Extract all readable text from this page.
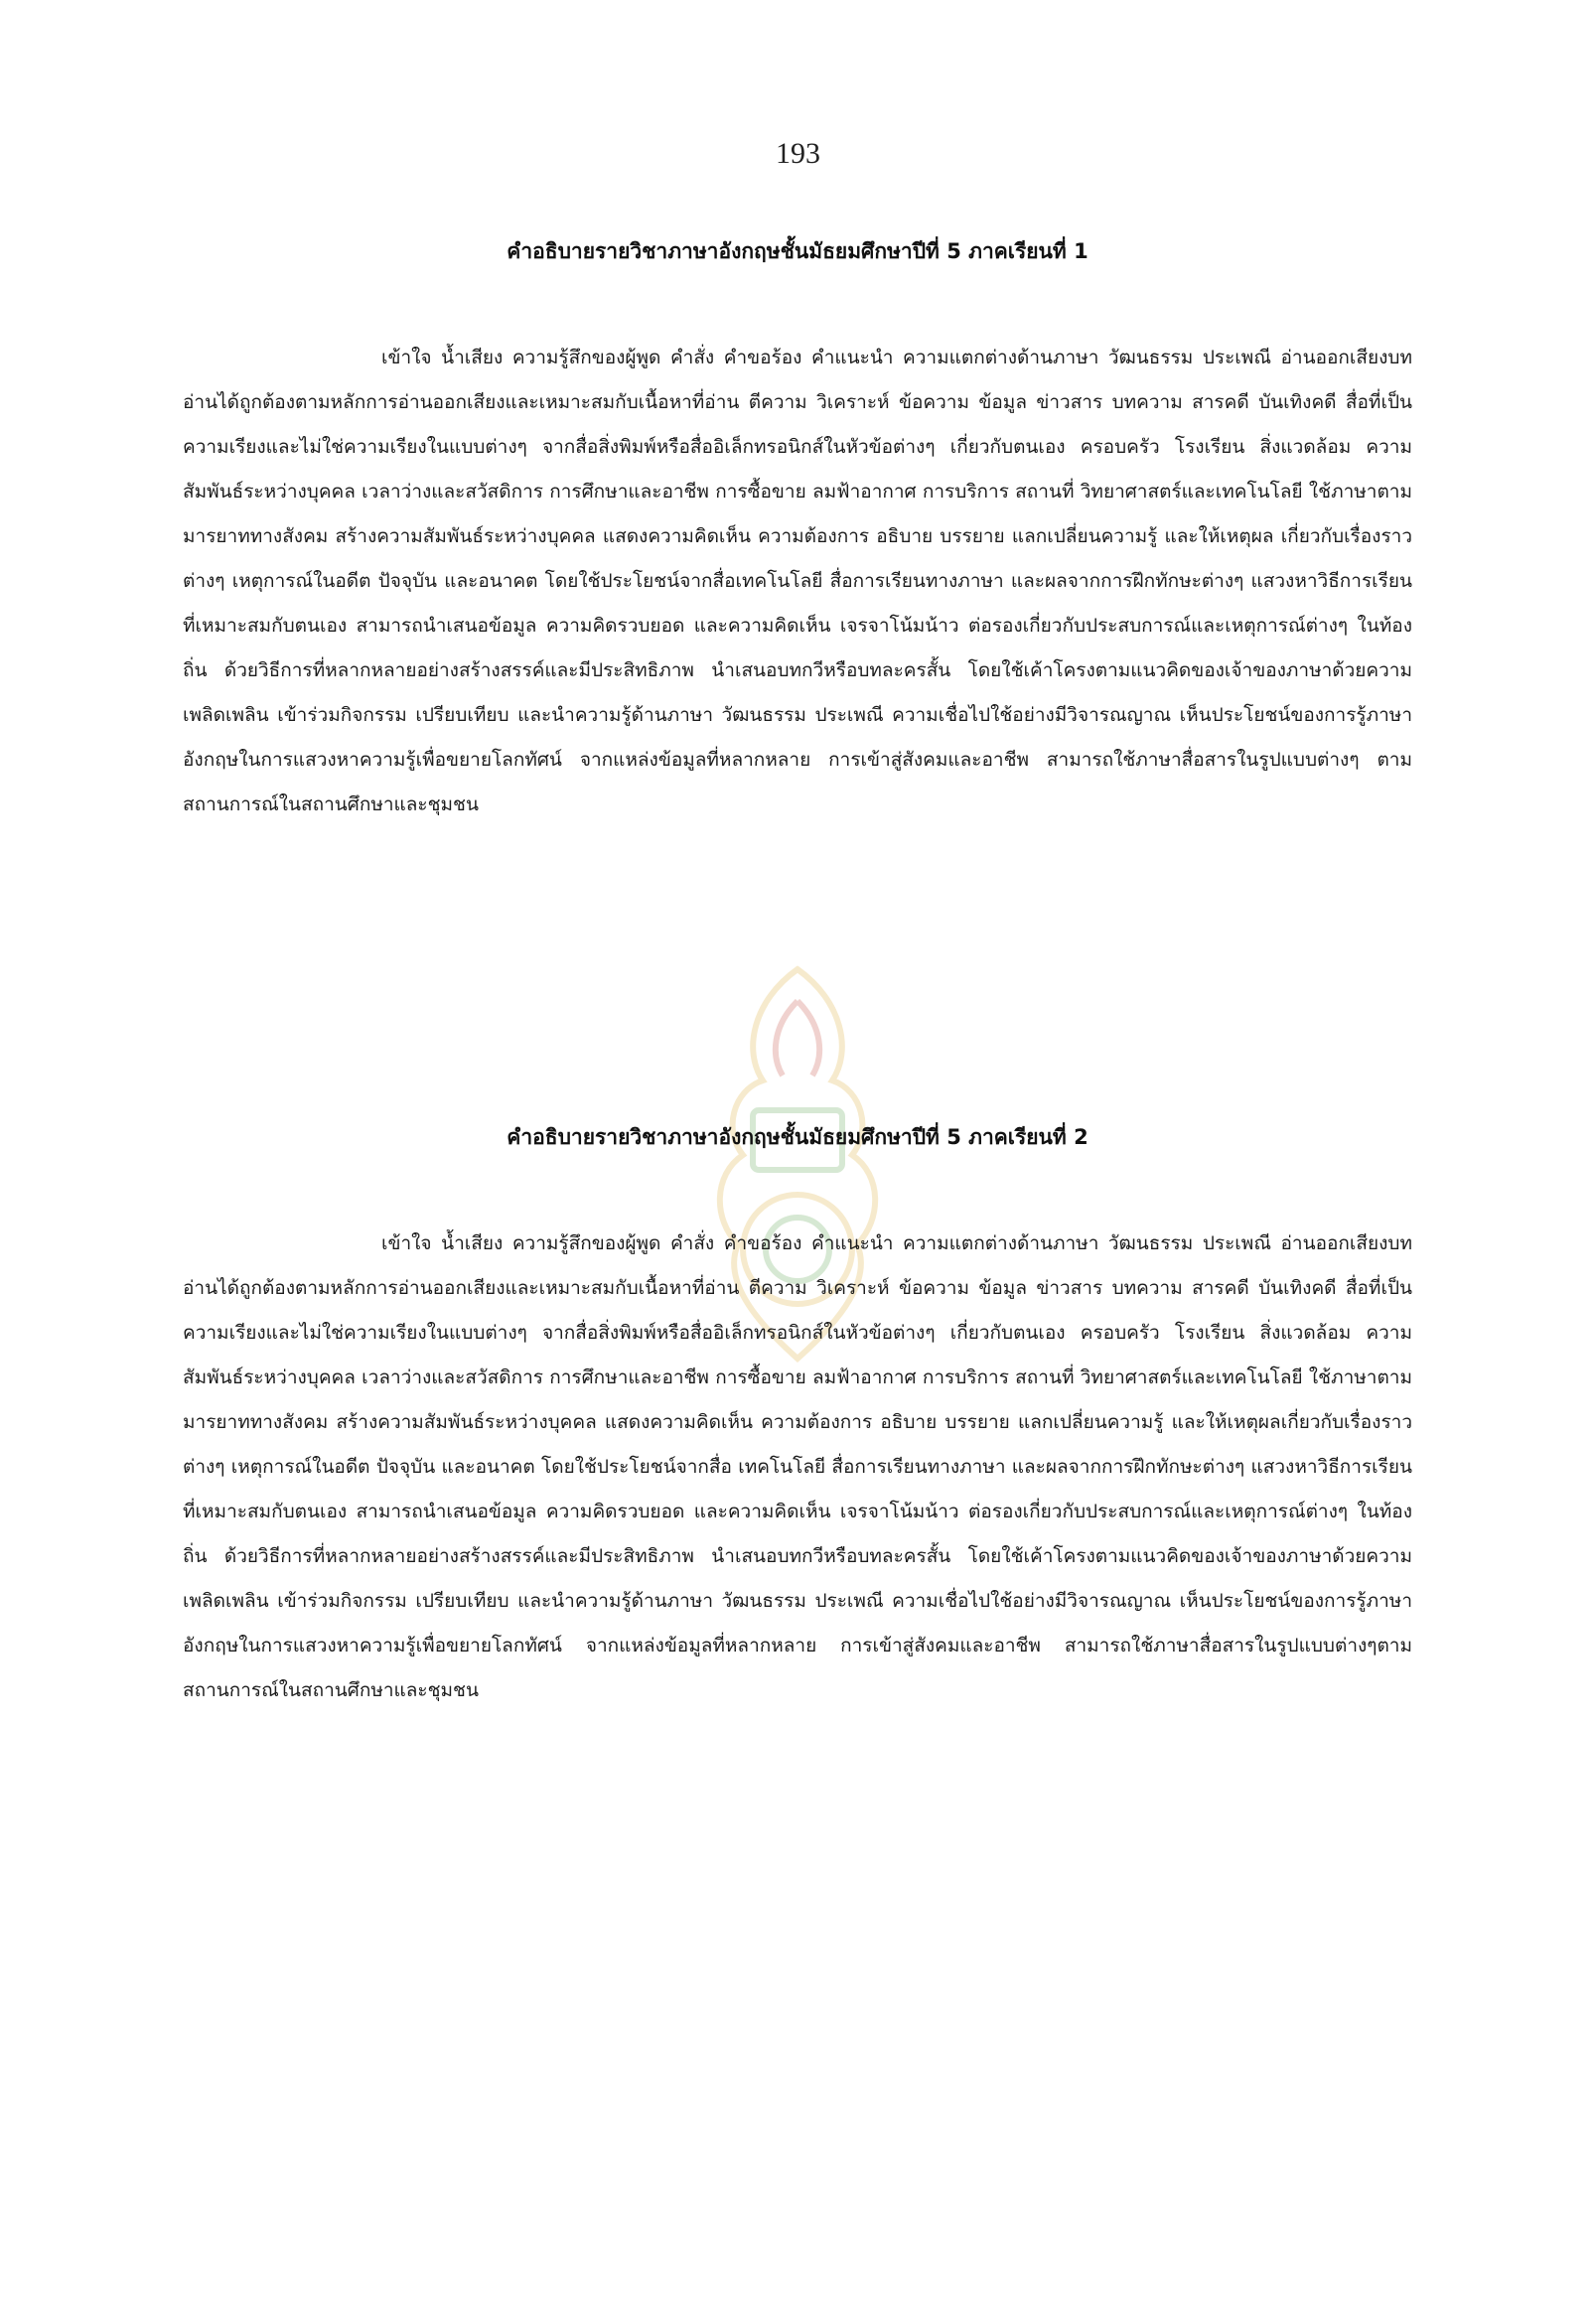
193
คำอธิบายรายวิชาภาษาอังกฤษชั้นมัธยมศึกษาปีที่ 5 ภาคเรียนที่ 1

เข้าใจ น้ำเสียง ความรู้สึกของผู้พูด คำสั่ง คำขอร้อง คำแนะนำ ความแตกต่างด้านภาษา วัฒนธรรม ประเพณี อ่านออกเสียงบทอ่านได้ถูกต้องตามหลักการอ่านออกเสียงและเหมาะสมกับเนื้อหาที่อ่าน ตีความ วิเคราะห์ ข้อความ ข้อมูล ข่าวสาร บทความ สารคดี บันเทิงคดี สื่อที่เป็นความเรียงและไม่ใช่ความเรียงในแบบต่างๆ จากสื่อสิ่งพิมพ์หรือสื่ออิเล็กทรอนิกส์ในหัวข้อต่างๆ เกี่ยวกับตนเอง ครอบครัว โรงเรียน สิ่งแวดล้อม ความสัมพันธ์ระหว่างบุคคล เวลาว่างและสวัสดิการ การศึกษาและอาชีพ การซื้อขาย ลมฟ้าอากาศ การบริการ สถานที่ วิทยาศาสตร์และเทคโนโลยี ใช้ภาษาตามมารยาททางสังคม สร้างความสัมพันธ์ระหว่างบุคคล แสดงความคิดเห็น ความต้องการ อธิบาย บรรยาย แลกเปลี่ยนความรู้ และให้เหตุผล เกี่ยวกับเรื่องราวต่างๆ เหตุการณ์ในอดีต ปัจจุบัน และอนาคต โดยใช้ประโยชน์จากสื่อเทคโนโลยี สื่อการเรียนทางภาษา และผลจากการฝึกทักษะต่างๆ แสวงหาวิธีการเรียนที่เหมาะสมกับตนเอง สามารถนำเสนอข้อมูล ความคิดรวบยอด และความคิดเห็น เจรจาโน้มน้าว ต่อรองเกี่ยวกับประสบการณ์และเหตุการณ์ต่างๆ ในท้องถิ่น ด้วยวิธีการที่หลากหลายอย่างสร้างสรรค์และมีประสิทธิภาพ นำเสนอบทกวีหรือบทละครสั้น โดยใช้เค้าโครงตามแนวคิดของเจ้าของภาษาด้วยความเพลิดเพลิน เข้าร่วมกิจกรรม เปรียบเทียบ และนำความรู้ด้านภาษา วัฒนธรรม ประเพณี ความเชื่อไปใช้อย่างมีวิจารณญาณ เห็นประโยชน์ของการรู้ภาษาอังกฤษในการแสวงหาความรู้เพื่อขยายโลกทัศน์ จากแหล่งข้อมูลที่หลากหลาย การเข้าสู่สังคมและอาชีพ สามารถใช้ภาษาสื่อสารในรูปแบบต่างๆ ตามสถานการณ์ในสถานศึกษาและชุมชน

คำอธิบายรายวิชาภาษาอังกฤษชั้นมัธยมศึกษาปีที่ 5 ภาคเรียนที่ 2

เข้าใจ น้ำเสียง ความรู้สึกของผู้พูด คำสั่ง คำขอร้อง คำแนะนำ ความแตกต่างด้านภาษา วัฒนธรรม ประเพณี อ่านออกเสียงบทอ่านได้ถูกต้องตามหลักการอ่านออกเสียงและเหมาะสมกับเนื้อหาที่อ่าน ตีความ วิเคราะห์ ข้อความ ข้อมูล ข่าวสาร บทความ สารคดี บันเทิงคดี สื่อที่เป็นความเรียงและไม่ใช่ความเรียงในแบบต่างๆ จากสื่อสิ่งพิมพ์หรือสื่ออิเล็กทรอนิกส์ในหัวข้อต่างๆ เกี่ยวกับตนเอง ครอบครัว โรงเรียน สิ่งแวดล้อม ความสัมพันธ์ระหว่างบุคคล เวลาว่างและสวัสดิการ การศึกษาและอาชีพ การซื้อขาย ลมฟ้าอากาศ การบริการ สถานที่ วิทยาศาสตร์และเทคโนโลยี ใช้ภาษาตามมารยาททางสังคม สร้างความสัมพันธ์ระหว่างบุคคล แสดงความคิดเห็น ความต้องการ อธิบาย บรรยาย แลกเปลี่ยนความรู้ และให้เหตุผลเกี่ยวกับเรื่องราวต่างๆ เหตุการณ์ในอดีต ปัจจุบัน และอนาคต โดยใช้ประโยชน์จากสื่อ เทคโนโลยี สื่อการเรียนทางภาษา และผลจากการฝึกทักษะต่างๆ แสวงหาวิธีการเรียนที่เหมาะสมกับตนเอง สามารถนำเสนอข้อมูล ความคิดรวบยอด และความคิดเห็น เจรจาโน้มน้าว ต่อรองเกี่ยวกับประสบการณ์และเหตุการณ์ต่างๆ ในท้องถิ่น ด้วยวิธีการที่หลากหลายอย่างสร้างสรรค์และมีประสิทธิภาพ นำเสนอบทกวีหรือบทละครสั้น โดยใช้เค้าโครงตามแนวคิดของเจ้าของภาษาด้วยความเพลิดเพลิน เข้าร่วมกิจกรรม เปรียบเทียบ และนำความรู้ด้านภาษา วัฒนธรรม ประเพณี ความเชื่อไปใช้อย่างมีวิจารณญาณ เห็นประโยชน์ของการรู้ภาษาอังกฤษในการแสวงหาความรู้เพื่อขยายโลกทัศน์ จากแหล่งข้อมูลที่หลากหลาย การเข้าสู่สังคมและอาชีพ สามารถใช้ภาษาสื่อสารในรูปแบบต่างๆตามสถานการณ์ในสถานศึกษาและชุมชน
